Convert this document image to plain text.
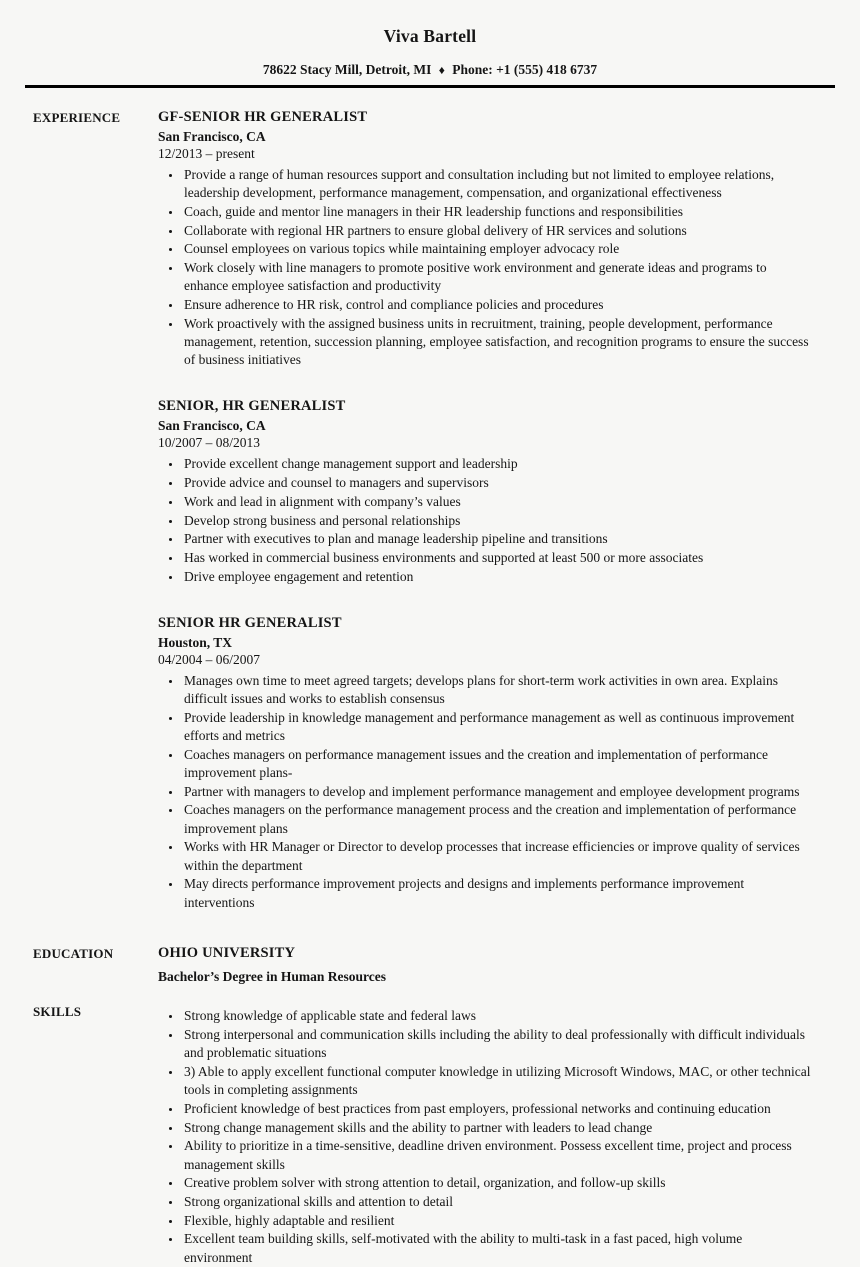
Viva Bartell
78622 Stacy Mill, Detroit, MI ♦ Phone: +1 (555) 418 6737
EXPERIENCE	GF-SENIOR HR GENERALIST
San Francisco, CA
12/2013 – present
• Provide a range of human resources support and consultation including but not limited to employee relations, leadership development, performance management, compensation, and organizational effectiveness
• Coach, guide and mentor line managers in their HR leadership functions and responsibilities
• Collaborate with regional HR partners to ensure global delivery of HR services and solutions
• Counsel employees on various topics while maintaining employer advocacy role
• Work closely with line managers to promote positive work environment and generate ideas and programs to enhance employee satisfaction and productivity
• Ensure adherence to HR risk, control and compliance policies and procedures
• Work proactively with the assigned business units in recruitment, training, people development, performance management, retention, succession planning, employee satisfaction, and recognition programs to ensure the success of business initiatives
SENIOR, HR GENERALIST
San Francisco, CA
10/2007 – 08/2013
• Provide excellent change management support and leadership
• Provide advice and counsel to managers and supervisors
• Work and lead in alignment with company’s values
• Develop strong business and personal relationships
• Partner with executives to plan and manage leadership pipeline and transitions
• Has worked in commercial business environments and supported at least 500 or more associates
• Drive employee engagement and retention
SENIOR HR GENERALIST
Houston, TX
04/2004 – 06/2007
• Manages own time to meet agreed targets; develops plans for short-term work activities in own area. Explains difficult issues and works to establish consensus
• Provide leadership in knowledge management and performance management as well as continuous improvement efforts and metrics
• Coaches managers on performance management issues and the creation and implementation of performance improvement plans-
• Partner with managers to develop and implement performance management and employee development programs
• Coaches managers on the performance management process and the creation and implementation of performance improvement plans
• Works with HR Manager or Director to develop processes that increase efficiencies or improve quality of services within the department
• May directs performance improvement projects and designs and implements performance improvement interventions
EDUCATION	OHIO UNIVERSITY
Bachelor’s Degree in Human Resources
SKILLS	• Strong knowledge of applicable state and federal laws
• Strong interpersonal and communication skills including the ability to deal professionally with difficult individuals and problematic situations
• 3) Able to apply excellent functional computer knowledge in utilizing Microsoft Windows, MAC, or other technical tools in completing assignments
• Proficient knowledge of best practices from past employers, professional networks and continuing education
• Strong change management skills and the ability to partner with leaders to lead change
• Ability to prioritize in a time-sensitive, deadline driven environment. Possess excellent time, project and process management skills
• Creative problem solver with strong attention to detail, organization, and follow-up skills
• Strong organizational skills and attention to detail
• Flexible, highly adaptable and resilient
• Excellent team building skills, self-motivated with the ability to multi-task in a fast paced, high volume environment
